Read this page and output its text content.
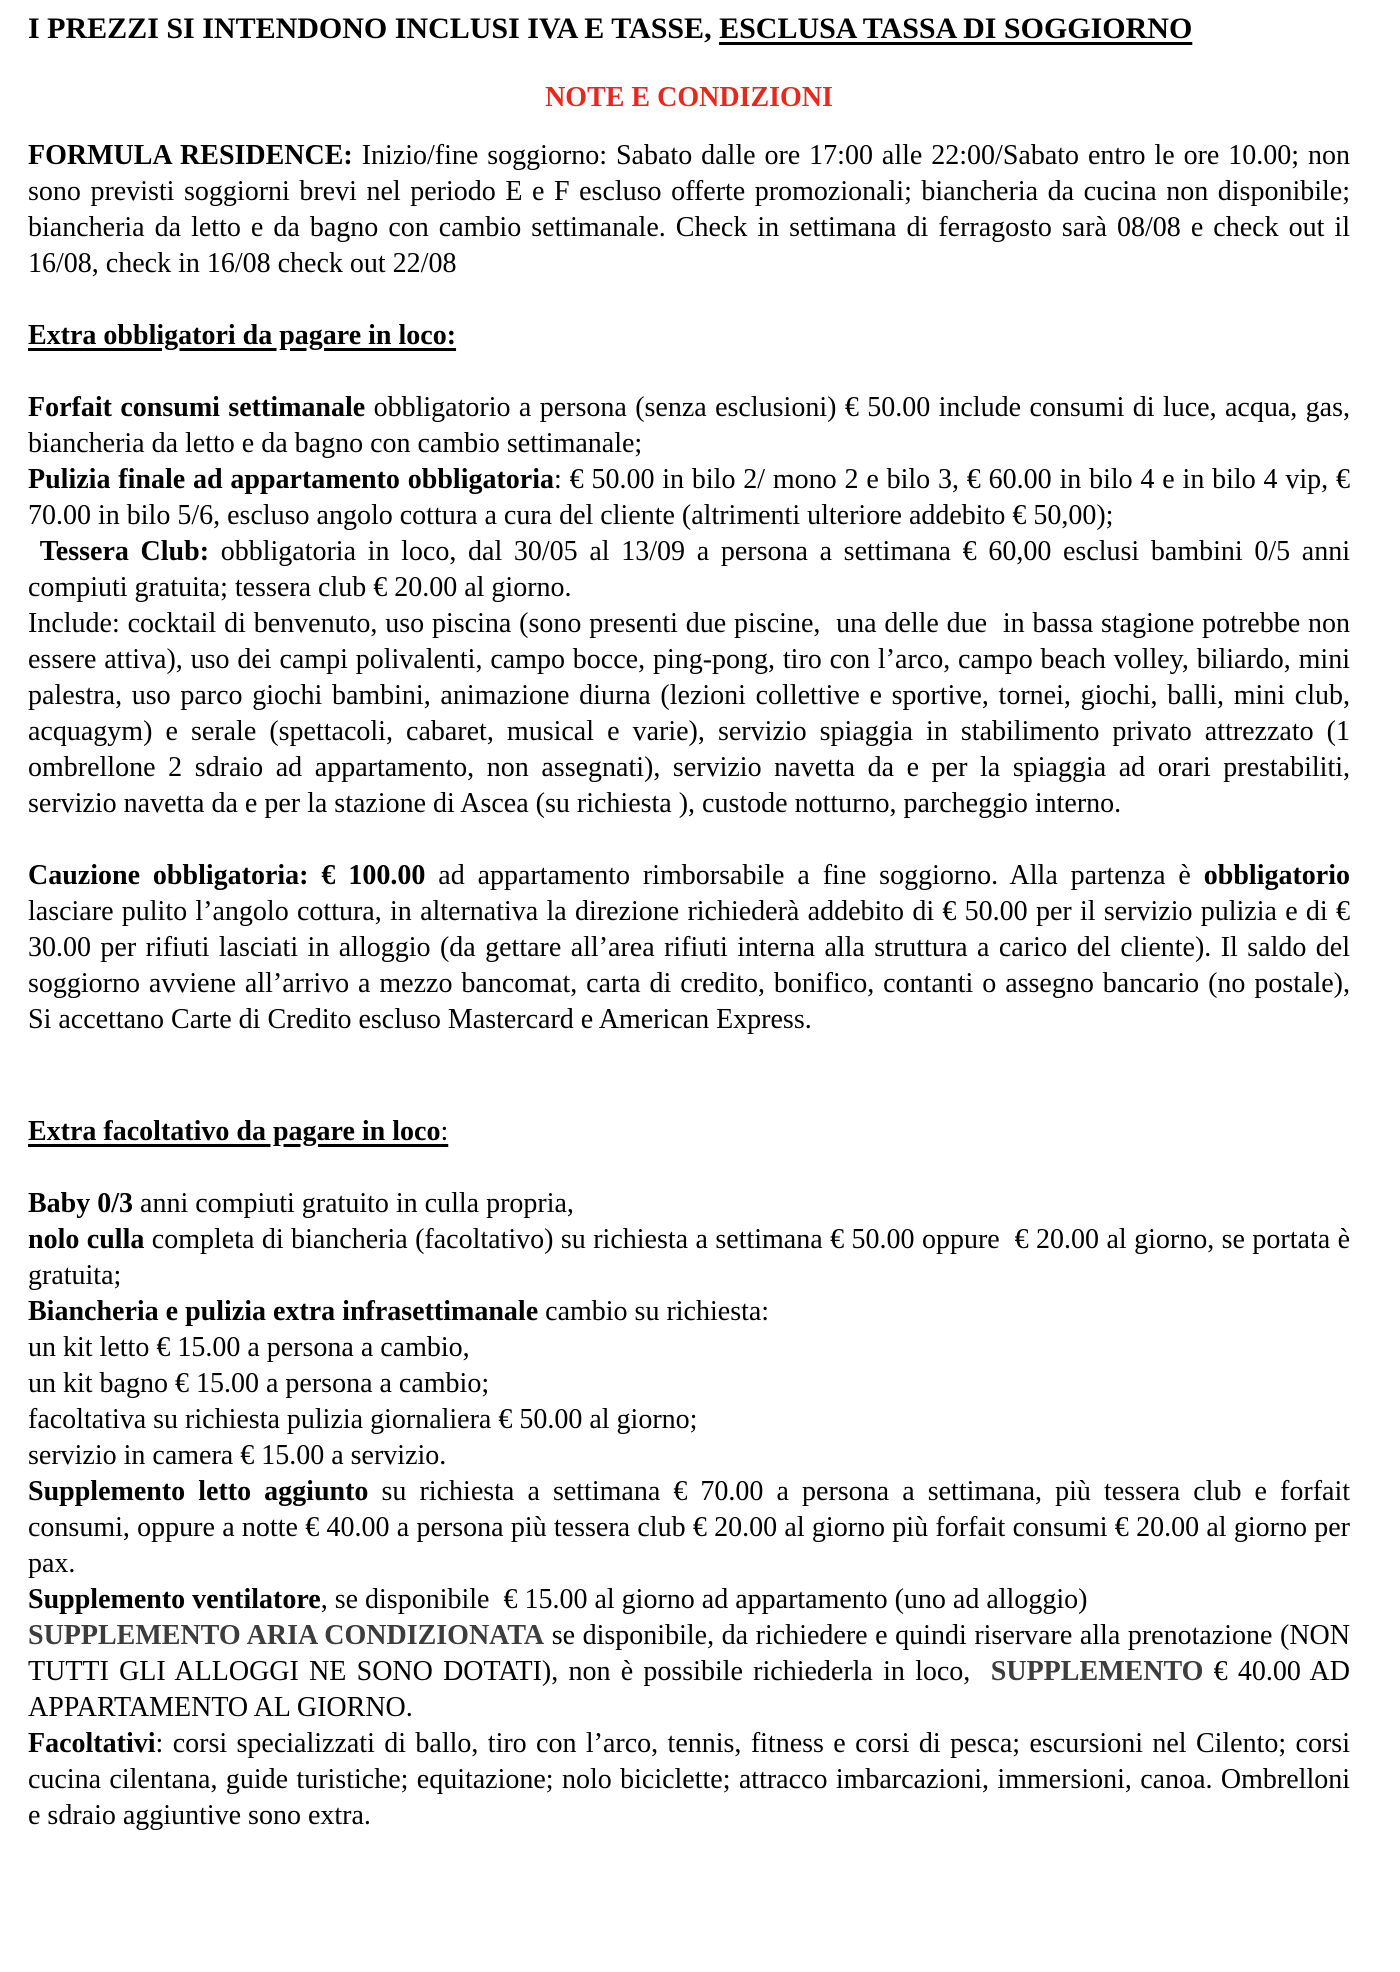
I PREZZI SI INTENDONO INCLUSI IVA E TASSE, ESCLUSA TASSA DI SOGGIORNO
NOTE E CONDIZIONI
FORMULA RESIDENCE: Inizio/fine soggiorno: Sabato dalle ore 17:00 alle 22:00/Sabato entro le ore 10.00; non sono previsti soggiorni brevi nel periodo E e F escluso offerte promozionali; biancheria da cucina non disponibile; biancheria da letto e da bagno con cambio settimanale. Check in settimana di ferragosto sarà 08/08 e check out il 16/08, check in 16/08 check out 22/08
Extra obbligatori da pagare in loco:
Forfait consumi settimanale obbligatorio a persona (senza esclusioni) € 50.00 include consumi di luce, acqua, gas, biancheria da letto e da bagno con cambio settimanale;
Pulizia finale ad appartamento obbligatoria: € 50.00 in bilo 2/ mono 2 e bilo 3, € 60.00 in bilo 4 e in bilo 4 vip, €  70.00 in bilo 5/6, escluso angolo cottura a cura del cliente (altrimenti ulteriore addebito € 50,00);
Tessera Club: obbligatoria in loco, dal 30/05 al 13/09 a persona a settimana € 60,00 esclusi bambini 0/5 anni compiuti gratuita; tessera club € 20.00 al giorno.
Include: cocktail di benvenuto, uso piscina (sono presenti due piscine,  una delle due  in bassa stagione potrebbe non essere attiva), uso dei campi polivalenti, campo bocce, ping-pong, tiro con l’arco, campo beach volley, biliardo, mini palestra, uso parco giochi bambini, animazione diurna (lezioni collettive e sportive, tornei, giochi, balli, mini club, acquagym) e serale (spettacoli, cabaret, musical e varie), servizio spiaggia in stabilimento privato attrezzato (1 ombrellone 2 sdraio ad appartamento, non assegnati), servizio navetta da e per la spiaggia ad orari prestabiliti, servizio navetta da e per la stazione di Ascea (su richiesta ), custode notturno, parcheggio interno.
Cauzione obbligatoria: € 100.00 ad appartamento rimborsabile a fine soggiorno. Alla partenza è obbligatorio lasciare pulito l’angolo cottura, in alternativa la direzione richiederà addebito di € 50.00 per il servizio pulizia e di € 30.00 per rifiuti lasciati in alloggio (da gettare all’area rifiuti interna alla struttura a carico del cliente). Il saldo del soggiorno avviene all’arrivo a mezzo bancomat, carta di credito, bonifico, contanti o assegno bancario (no postale), Si accettano Carte di Credito escluso Mastercard e American Express.
Extra facoltativo da pagare in loco:
Baby 0/3 anni compiuti gratuito in culla propria,
nolo culla completa di biancheria (facoltativo) su richiesta a settimana € 50.00 oppure  € 20.00 al giorno, se portata è gratuita;
Biancheria e pulizia extra infrasettimanale cambio su richiesta:
un kit letto € 15.00 a persona a cambio,
un kit bagno € 15.00 a persona a cambio;
facoltativa su richiesta pulizia giornaliera € 50.00 al giorno;
servizio in camera € 15.00 a servizio.
Supplemento letto aggiunto su richiesta a settimana € 70.00 a persona a settimana, più tessera club e forfait consumi, oppure a notte € 40.00 a persona più tessera club € 20.00 al giorno più forfait consumi € 20.00 al giorno per pax.
Supplemento ventilatore, se disponibile  € 15.00 al giorno ad appartamento (uno ad alloggio)
SUPPLEMENTO ARIA CONDIZIONATA se disponibile, da richiedere e quindi riservare alla prenotazione (NON TUTTI GLI ALLOGGI NE SONO DOTATI), non è possibile richiederla in loco,  SUPPLEMENTO € 40.00 AD APPARTAMENTO AL GIORNO.
Facoltativi: corsi specializzati di ballo, tiro con l’arco, tennis, fitness e corsi di pesca; escursioni nel Cilento; corsi cucina cilentana, guide turistiche; equitazione; nolo biciclette; attracco imbarcazioni, immersioni, canoa. Ombrelloni e sdraio aggiuntive sono extra.
